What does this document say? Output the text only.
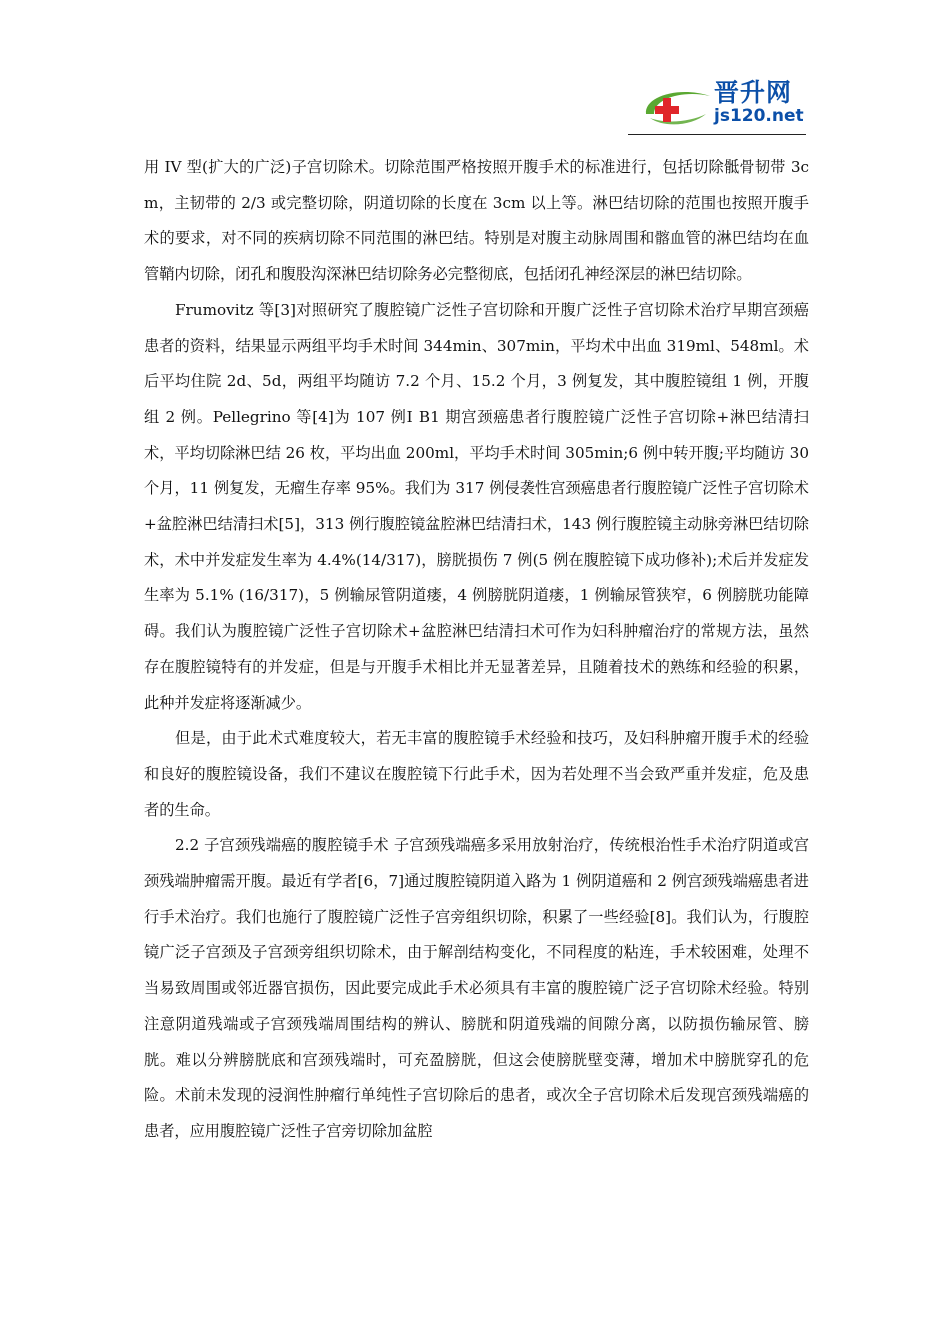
晋升网
js120.net

用 IV 型(扩大的广泛)子宫切除术。切除范围严格按照开腹手术的标准进行，包括切除骶骨韧带 3cm，主韧带的 2/3 或完整切除，阴道切除的长度在 3cm 以上等。淋巴结切除的范围也按照开腹手术的要求，对不同的疾病切除不同范围的淋巴结。特别是对腹主动脉周围和髂血管的淋巴结均在血管鞘内切除，闭孔和腹股沟深淋巴结切除务必完整彻底，包括闭孔神经深层的淋巴结切除。

Frumovitz 等[3]对照研究了腹腔镜广泛性子宫切除和开腹广泛性子宫切除术治疗早期宫颈癌患者的资料，结果显示两组平均手术时间 344min、307min，平均术中出血 319ml、548ml。术后平均住院 2d、5d，两组平均随访 7.2 个月、15.2 个月，3 例复发，其中腹腔镜组 1 例，开腹组 2 例。Pellegrino 等[4]为 107 例Ⅰ B1 期宫颈癌患者行腹腔镜广泛性子宫切除+淋巴结清扫术，平均切除淋巴结 26 枚，平均出血 200ml，平均手术时间 305min;6 例中转开腹;平均随访 30 个月，11 例复发，无瘤生存率 95%。我们为 317 例侵袭性宫颈癌患者行腹腔镜广泛性子宫切除术+盆腔淋巴结清扫术[5]，313 例行腹腔镜盆腔淋巴结清扫术，143 例行腹腔镜主动脉旁淋巴结切除术，术中并发症发生率为 4.4%(14/317)，膀胱损伤 7 例(5 例在腹腔镜下成功修补);术后并发症发生率为 5.1% (16/317)，5 例输尿管阴道瘘，4 例膀胱阴道瘘，1 例输尿管狭窄，6 例膀胱功能障碍。我们认为腹腔镜广泛性子宫切除术+盆腔淋巴结清扫术可作为妇科肿瘤治疗的常规方法，虽然存在腹腔镜特有的并发症，但是与开腹手术相比并无显著差异，且随着技术的熟练和经验的积累，此种并发症将逐渐减少。

但是，由于此术式难度较大，若无丰富的腹腔镜手术经验和技巧，及妇科肿瘤开腹手术的经验和良好的腹腔镜设备，我们不建议在腹腔镜下行此手术，因为若处理不当会致严重并发症，危及患者的生命。

2.2 子宫颈残端癌的腹腔镜手术 子宫颈残端癌多采用放射治疗，传统根治性手术治疗阴道或宫颈残端肿瘤需开腹。最近有学者[6，7]通过腹腔镜阴道入路为 1 例阴道癌和 2 例宫颈残端癌患者进行手术治疗。我们也施行了腹腔镜广泛性子宫旁组织切除，积累了一些经验[8]。我们认为，行腹腔镜广泛子宫颈及子宫颈旁组织切除术，由于解剖结构变化，不同程度的粘连，手术较困难，处理不当易致周围或邻近器官损伤，因此要完成此手术必须具有丰富的腹腔镜广泛子宫切除术经验。特别注意阴道残端或子宫颈残端周围结构的辨认、膀胱和阴道残端的间隙分离，以防损伤输尿管、膀胱。难以分辨膀胱底和宫颈残端时，可充盈膀胱，但这会使膀胱壁变薄，增加术中膀胱穿孔的危险。术前未发现的浸润性肿瘤行单纯性子宫切除后的患者，或次全子宫切除术后发现宫颈残端癌的患者，应用腹腔镜广泛性子宫旁切除加盆腔
